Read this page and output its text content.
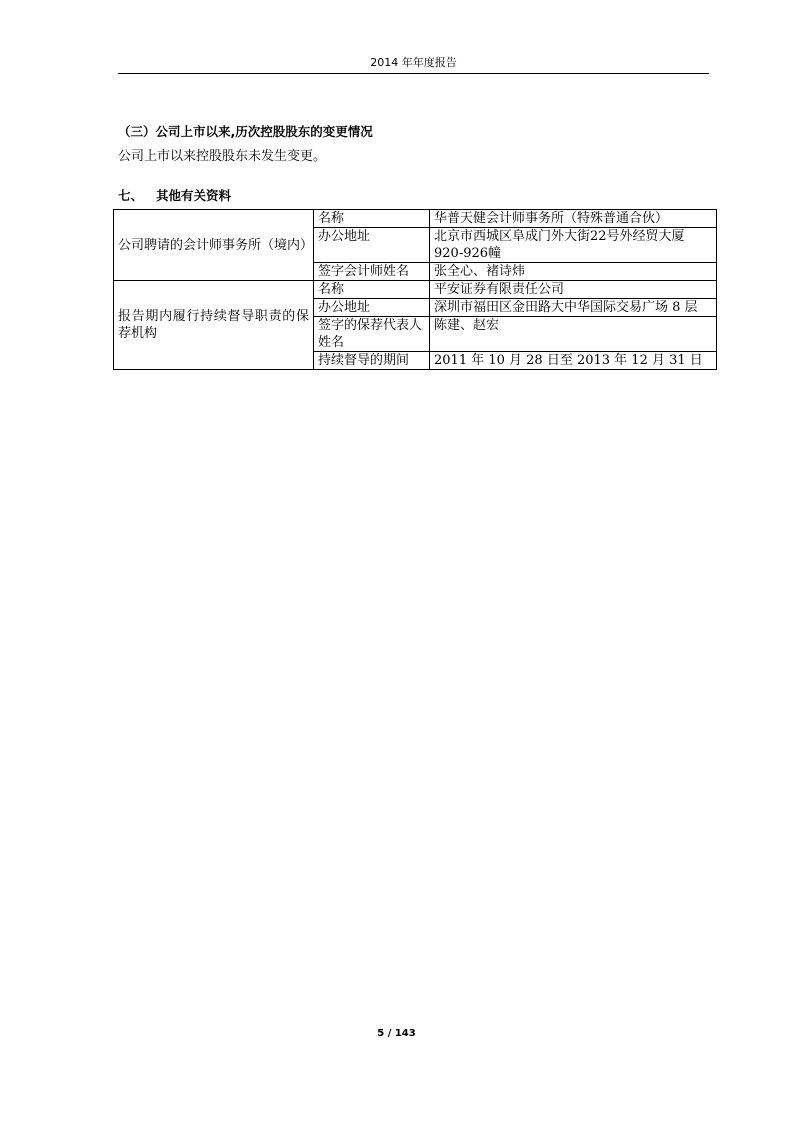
2014 年年度报告
（三）公司上市以来,历次控股股东的变更情况
公司上市以来控股股东未发生变更。
七、 其他有关资料
公司聘请的会计师事务所（境内）	名称	华普天健会计师事务所（特殊普通合伙）
	办公地址	北京市西城区阜成门外大街22号外经贸大厦920-926幢
	签字会计师姓名	张全心、褚诗炜
报告期内履行持续督导职责的保荐机构	名称	平安证券有限责任公司
	办公地址	深圳市福田区金田路大中华国际交易广场 8 层
	签字的保荐代表人姓名	陈建、赵宏
	持续督导的期间	2011 年 10 月 28 日至 2013 年 12 月 31 日
5 / 143
